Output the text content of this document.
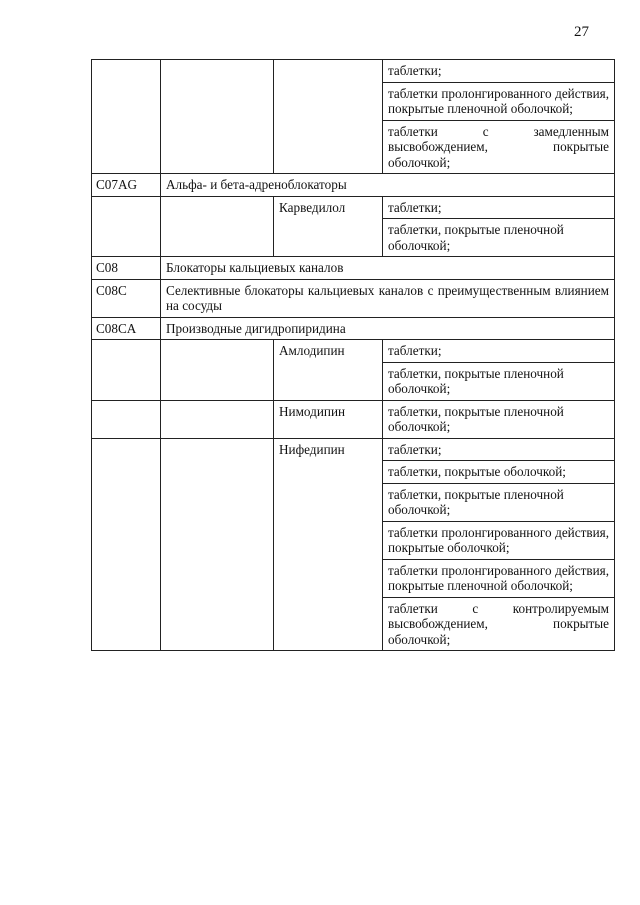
27
			таблетки;
			таблетки пролонгированного действия, покрытые пленочной оболочкой;
			таблетки с замедленным высвобождением, покрытые оболочкой;
C07AG	Альфа- и бета-адреноблокаторы		
		Карведилол	таблетки;
			таблетки, покрытые пленочной оболочкой;
C08	Блокаторы кальциевых каналов		
C08C	Селективные блокаторы кальциевых каналов с преимущественным влиянием на сосуды		
C08CA	Производные дигидропиридина		
		Амлодипин	таблетки;
			таблетки, покрытые пленочной оболочкой;
		Нимодипин	таблетки, покрытые пленочной оболочкой;
		Нифедипин	таблетки;
			таблетки, покрытые оболочкой;
			таблетки, покрытые пленочной оболочкой;
			таблетки пролонгированного действия, покрытые оболочкой;
			таблетки пролонгированного действия, покрытые пленочной оболочкой;
			таблетки с контролируемым высвобождением, покрытые оболочкой;
